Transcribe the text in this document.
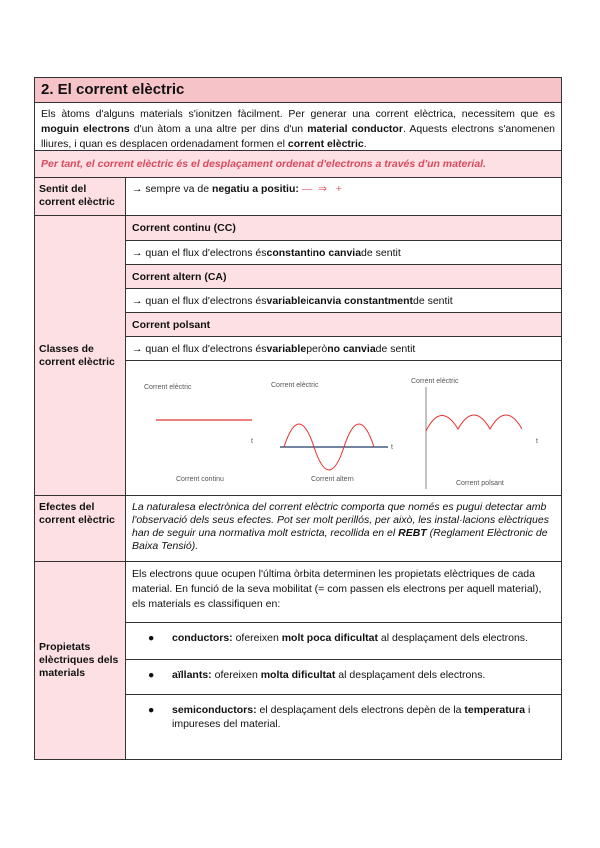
2. El corrent elèctric
Els àtoms d'alguns materials s'ionitzen fàcilment. Per generar una corrent elèctrica, necessitem que es moguin electrons d'un àtom a una altre per dins d'un material conductor. Aquests electrons s'anomenen lliures, i quan es desplacen ordenadament formen el corrent elèctric.
Per tant, el corrent elèctric és el desplaçament ordenat d'electrons a través d'un material.
Sentit del corrent elèctric
→ sempre va de negatiu a positiu: — ⇒ +
Classes de corrent elèctric
Corrent continu (CC)
→ quan el flux d'electrons és constant i no canvia de sentit
Corrent altern (CA)
→ quan el flux d'electrons és variable i canvia constantment de sentit
Corrent polsant
→ quan el flux d'electrons és variable però no canvia de sentit
Corrent elèctric
t
Corrent continu
Corrent elèctric
t
Corrent altern
Corrent elèctric
t
Corrent polsant
Efectes del corrent elèctric
La naturalesa electrònica del corrent elèctric comporta que només es pugui detectar amb l'observació dels seus efectes. Pot ser molt perillós, per això, les instal·lacions elèctriques han de seguir una normativa molt estricta, recollida en el REBT (Reglament Elèctronic de Baixa Tensió).
Propietats elèctriques dels materials
Els electrons quue ocupen l'última òrbita determinen les propietats elèctriques de cada material. En funció de la seva mobilitat (= com passen els electrons per aquell material), els materials es classifiquen en:
●	conductors: ofereixen molt poca dificultat al desplaçament dels electrons.
●	aïllants: ofereixen molta dificultat al desplaçament dels electrons.
●	semiconductors: el desplaçament dels electrons depèn de la temperatura i impureses del material.
